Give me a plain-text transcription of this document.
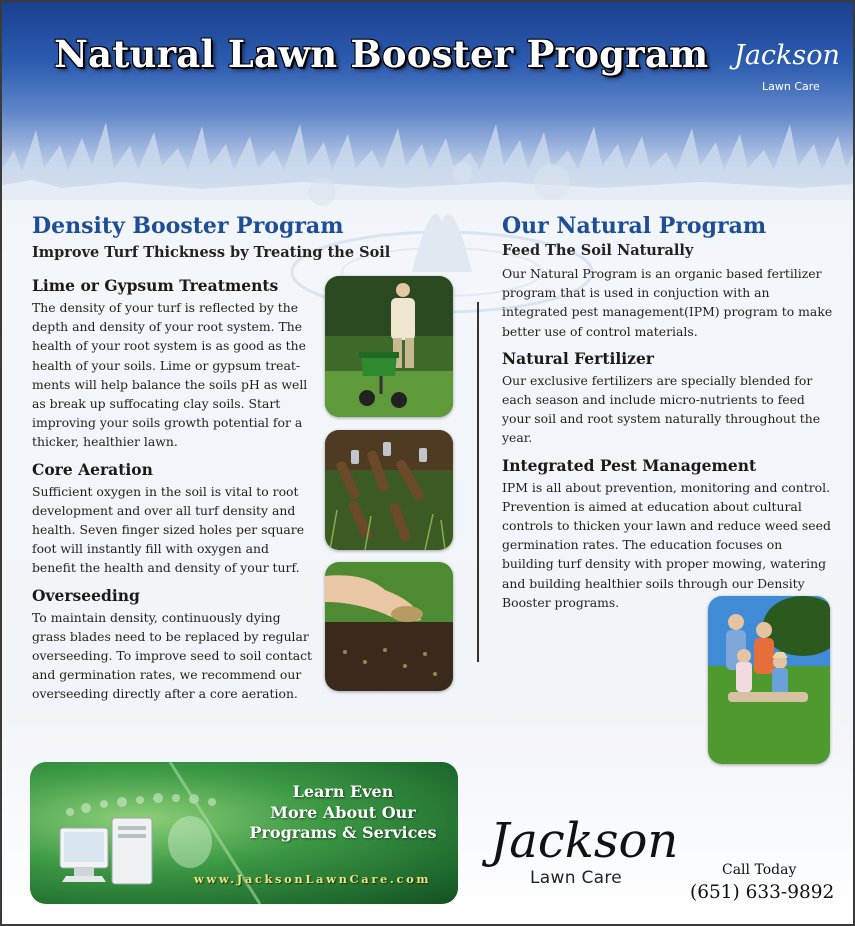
Natural Lawn Booster Program Jackson
Lawn Care
Density Booster Program
Improve Turf Thickness by Treating the Soil
Lime or Gypsum Treatments

The density of your turf is reflected by the depth and density of your root system. The health of your root system is as good as the health of your soils. Lime or gypsum treat-ments will help balance the soils pH as well as break up suffocating clay soils. Start improving your soils growth potential for a thicker, healthier lawn.

Core Aeration

Sufficient oxygen in the soil is vital to root development and over all turf density and health. Seven finger sized holes per square foot will instantly fill with oxygen and benefit the health and density of your turf.

Overseeding

To maintain density, continuously dying grass blades need to be replaced by regular overseeding. To improve seed to soil contact and germination rates, we recommend our overseeding directly after a core aeration.

Our Natural Program
Feed The Soil Naturally

Our Natural Program is an organic based fertilizer program that is used in conjuction with an integrated pest management(IPM) program to make better use of control materials.

Natural Fertilizer

Our exclusive fertilizers are specially blended for each season and include micro-nutrients to feed your soil and root system naturally throughout the year.

Integrated Pest Management

IPM is all about prevention, monitoring and control. Prevention is aimed at education about cultural controls to thicken your lawn and reduce weed seed germination rates. The education focuses on building turf density with proper mowing, watering and building healthier soils through our Density Booster programs.

Learn Even
More About Our
Programs & Services
www.JacksonLawnCare.com
Jackson
Lawn Care	Call Today
(651) 633-9892
